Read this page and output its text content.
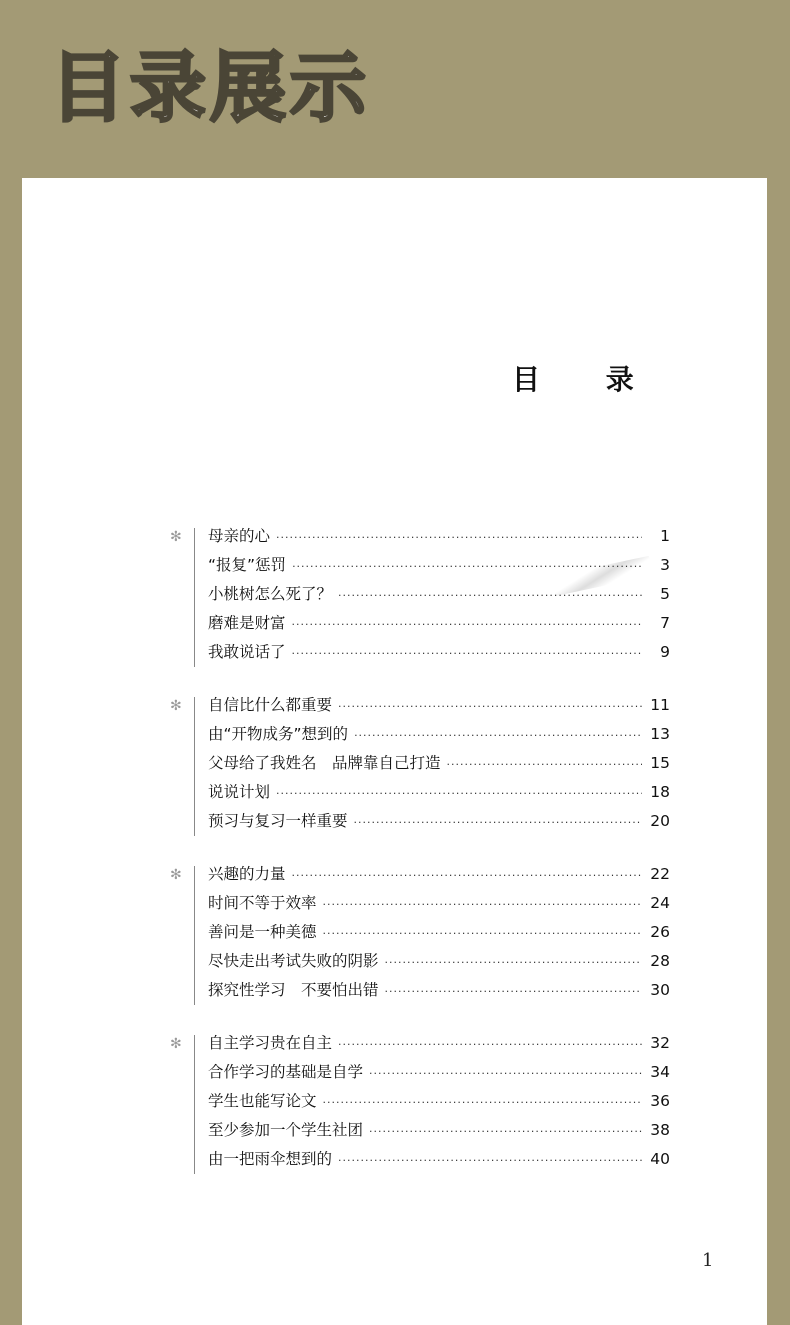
目录展示
目 录
✻	母亲的心 ·····	1
“报复”惩罚 ·····	3
小桃树怎么死了？ ·····	5
磨难是财富 ·····	7
我敢说话了 ·····	9
✻	自信比什么都重要 ·····	11
由“开物成务”想到的 ·····	13
父母给了我姓名　品牌靠自己打造 ·····	15
说说计划 ·····	18
预习与复习一样重要 ·····	20
✻	兴趣的力量 ·····	22
时间不等于效率 ·····	24
善问是一种美德 ·····	26
尽快走出考试失败的阴影 ·····	28
探究性学习　不要怕出错 ·····	30
✻	自主学习贵在自主 ·····	32
合作学习的基础是自学 ·····	34
学生也能写论文 ·····	36
至少参加一个学生社团 ·····	38
由一把雨伞想到的 ·····	40
1
